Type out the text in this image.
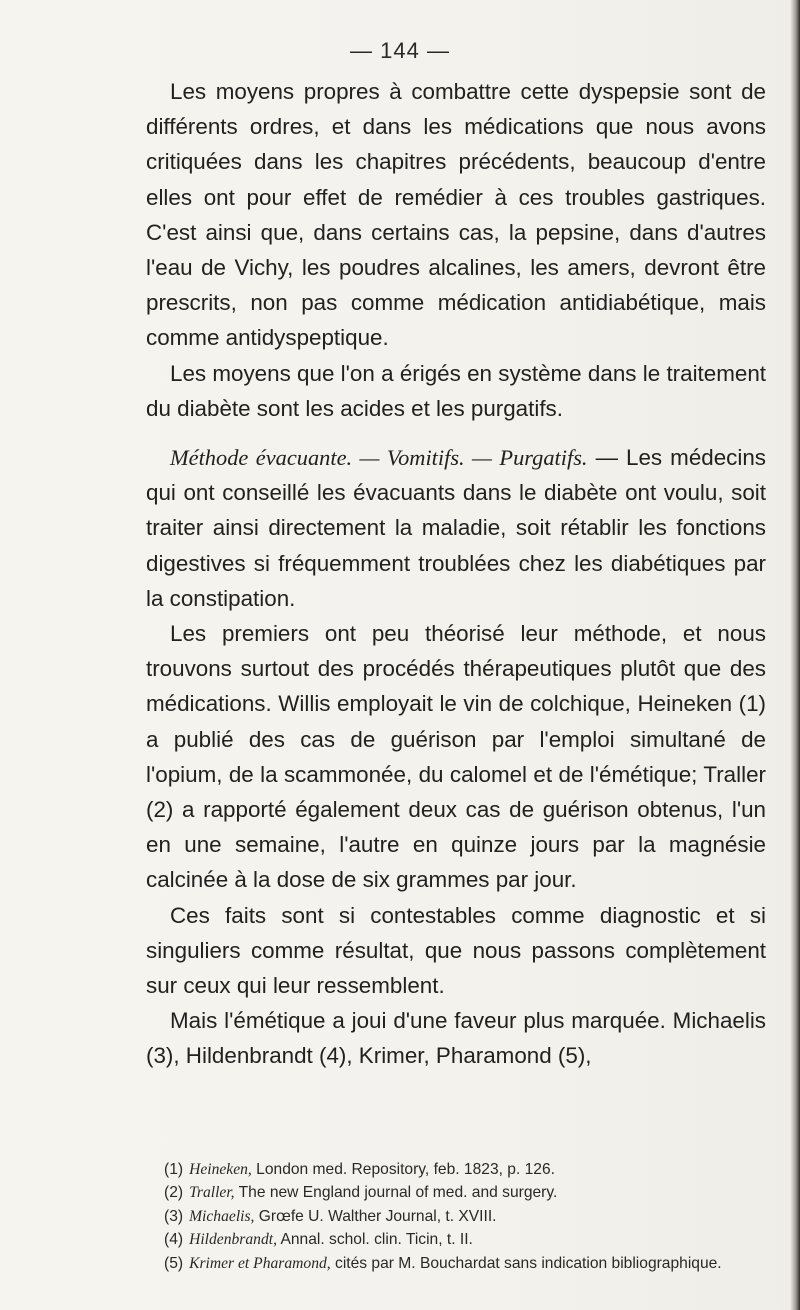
— 144 —

Les moyens propres à combattre cette dyspepsie sont de différents ordres, et dans les médications que nous avons critiquées dans les chapitres précédents, beaucoup d'entre elles ont pour effet de remédier à ces troubles gastriques. C'est ainsi que, dans certains cas, la pepsine, dans d'autres l'eau de Vichy, les poudres alcalines, les amers, devront être prescrits, non pas comme médication antidiabétique, mais comme antidyspeptique.

Les moyens que l'on a érigés en système dans le traitement du diabète sont les acides et les purgatifs.

Méthode évacuante. — Vomitifs. — Purgatifs. — Les médecins qui ont conseillé les évacuants dans le diabète ont voulu, soit traiter ainsi directement la maladie, soit rétablir les fonctions digestives si fréquemment troublées chez les diabétiques par la constipation.

Les premiers ont peu théorisé leur méthode, et nous trouvons surtout des procédés thérapeutiques plutôt que des médications. Willis employait le vin de colchique, Heineken (1) a publié des cas de guérison par l'emploi simultané de l'opium, de la scammonée, du calomel et de l'émétique; Traller (2) a rapporté également deux cas de guérison obtenus, l'un en une semaine, l'autre en quinze jours par la magnésie calcinée à la dose de six grammes par jour.

Ces faits sont si contestables comme diagnostic et si singuliers comme résultat, que nous passons complètement sur ceux qui leur ressemblent.

Mais l'émétique a joui d'une faveur plus marquée. Michaelis (3), Hildenbrandt (4), Krimer, Pharamond (5),

(1) Heineken, London med. Repository, feb. 1823, p. 126.

(2) Traller, The new England journal of med. and surgery.

(3) Michaelis, Grœfe U. Walther Journal, t. XVIII.

(4) Hildenbrandt, Annal. schol. clin. Ticin, t. II.

(5) Krimer et Pharamond, cités par M. Bouchardat sans indication bibliographique.
